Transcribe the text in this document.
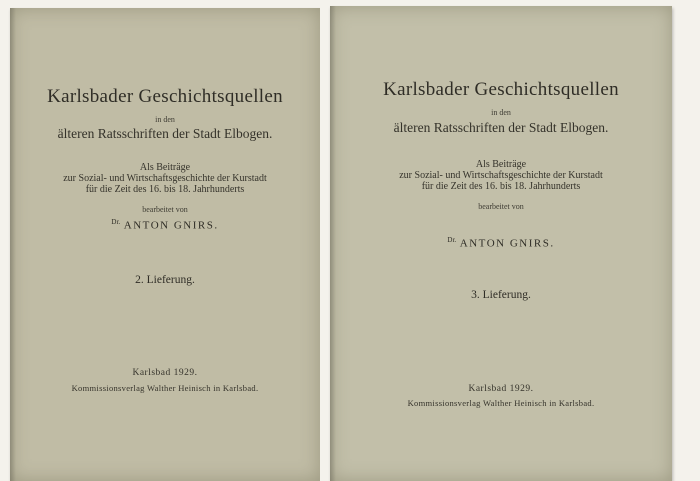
Karlsbader Geschichtsquellen
in den
älteren Ratsschriften der Stadt Elbogen.
Als Beiträge
zur Sozial- und Wirtschaftsgeschichte der Kurstadt
für die Zeit des 16. bis 18. Jahrhunderts
bearbeitet von
$^{Dr.}$ ANTON GNIRS.
2. Lieferung.
Karlsbad 1929.
Kommissionsverlag Walther Heinisch in Karlsbad.
Karlsbader Geschichtsquellen
in den
älteren Ratsschriften der Stadt Elbogen.
Als Beiträge
zur Sozial- und Wirtschaftsgeschichte der Kurstadt
für die Zeit des 16. bis 18. Jahrhunderts
bearbeitet von
$^{Dr.}$ ANTON GNIRS.
3. Lieferung.
Karlsbad 1929.
Kommissionsverlag Walther Heinisch in Karlsbad.
